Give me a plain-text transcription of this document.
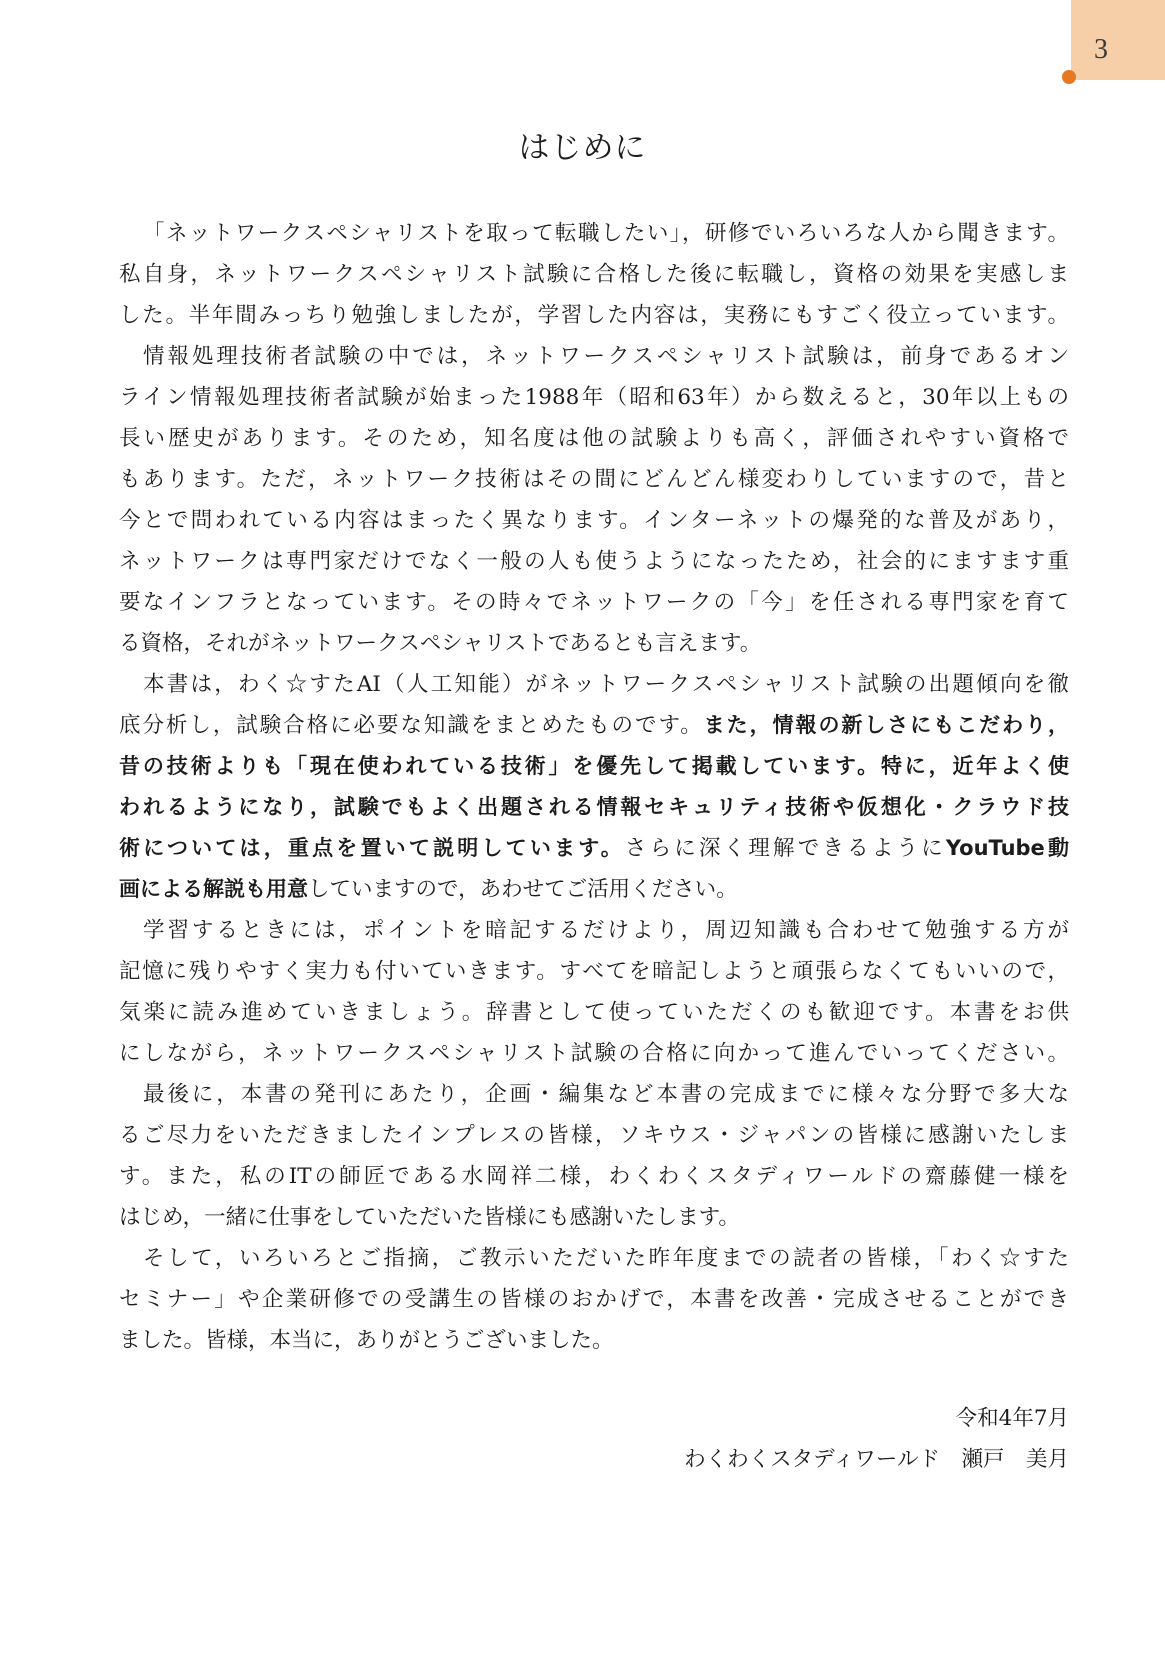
3
はじめに
「ネットワークスペシャリストを取って転職したい」，研修でいろいろな人から聞きます。
私自身，ネットワークスペシャリスト試験に合格した後に転職し，資格の効果を実感しま
した。半年間みっちり勉強しましたが，学習した内容は，実務にもすごく役立っています。
情報処理技術者試験の中では，ネットワークスペシャリスト試験は，前身であるオン
ライン情報処理技術者試験が始まった1988年（昭和63年）から数えると，30年以上もの
長い歴史があります。そのため，知名度は他の試験よりも高く，評価されやすい資格で
もあります。ただ，ネットワーク技術はその間にどんどん様変わりしていますので，昔と
今とで問われている内容はまったく異なります。インターネットの爆発的な普及があり，
ネットワークは専門家だけでなく一般の人も使うようになったため，社会的にますます重
要なインフラとなっています。その時々でネットワークの「今」を任される専門家を育て
る資格，それがネットワークスペシャリストであるとも言えます。
本書は，わく☆すたAI（人工知能）がネットワークスペシャリスト試験の出題傾向を徹
底分析し，試験合格に必要な知識をまとめたものです。また，情報の新しさにもこだわり，
昔の技術よりも「現在使われている技術」を優先して掲載しています。特に，近年よく使
われるようになり，試験でもよく出題される情報セキュリティ技術や仮想化・クラウド技
術については，重点を置いて説明しています。さらに深く理解できるようにYouTube動
画による解説も用意していますので，あわせてご活用ください。
学習するときには，ポイントを暗記するだけより，周辺知識も合わせて勉強する方が
記憶に残りやすく実力も付いていきます。すべてを暗記しようと頑張らなくてもいいので，
気楽に読み進めていきましょう。辞書として使っていただくのも歓迎です。本書をお供
にしながら，ネットワークスペシャリスト試験の合格に向かって進んでいってください。
最後に，本書の発刊にあたり，企画・編集など本書の完成までに様々な分野で多大な
るご尽力をいただきましたインプレスの皆様，ソキウス・ジャパンの皆様に感謝いたしま
す。また，私のITの師匠である水岡祥二様，わくわくスタディワールドの齋藤健一様を
はじめ，一緒に仕事をしていただいた皆様にも感謝いたします。
そして，いろいろとご指摘，ご教示いただいた昨年度までの読者の皆様，「わく☆すた
セミナー」や企業研修での受講生の皆様のおかげで，本書を改善・完成させることができ
ました。皆様，本当に，ありがとうございました。
令和4年7月
わくわくスタディワールド　瀬戸　美月
